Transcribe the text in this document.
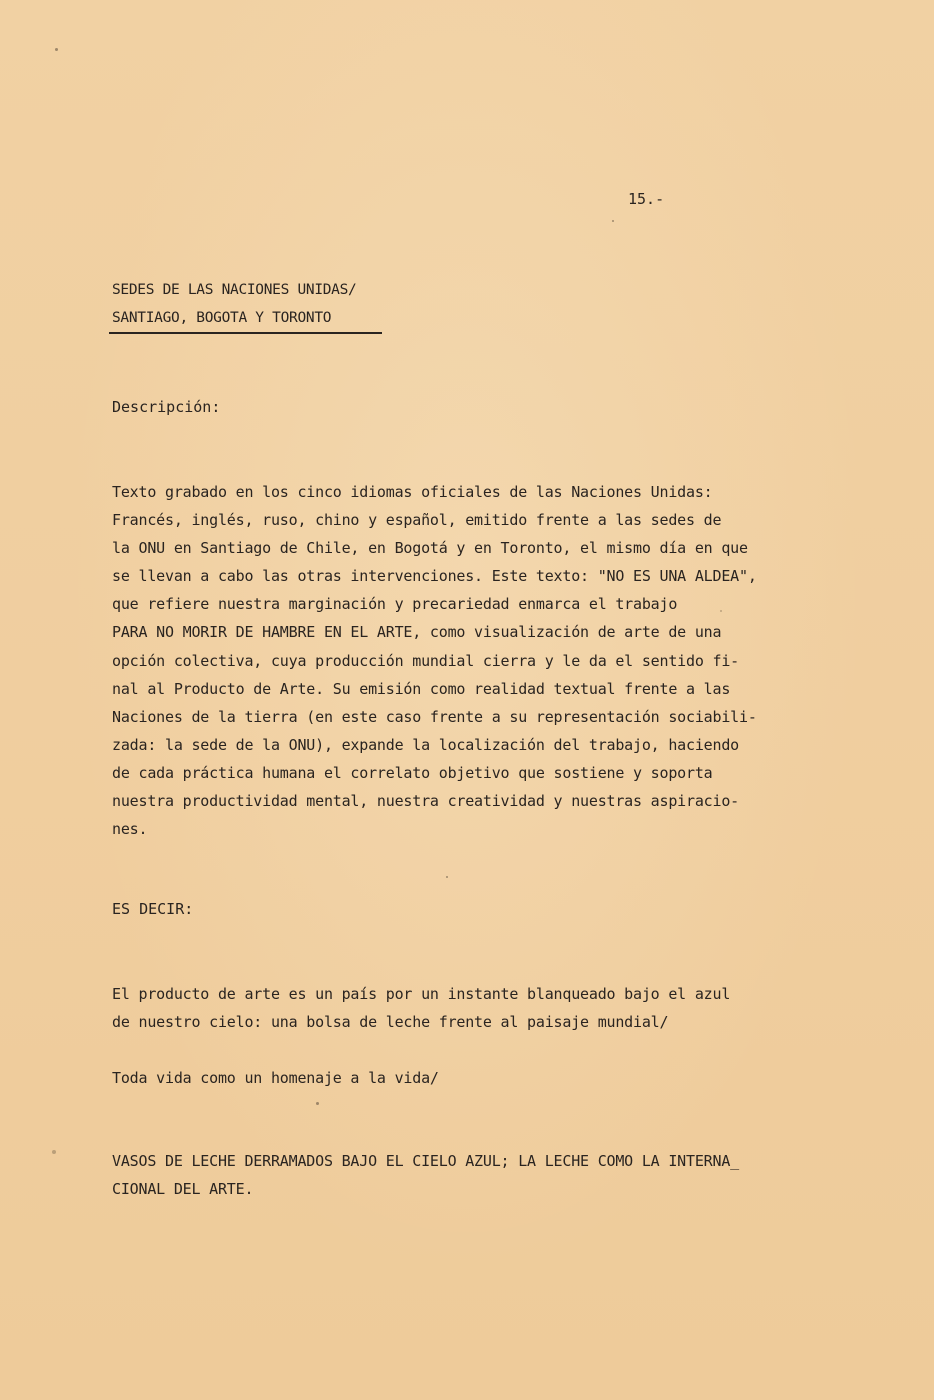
15.-
SEDES DE LAS NACIONES UNIDAS/
SANTIAGO, BOGOTA Y TORONTO
Descripción:
Texto grabado en los cinco idiomas oficiales de las Naciones Unidas:
Francés, inglés, ruso, chino y español, emitido frente a las sedes de
la ONU en Santiago de Chile, en Bogotá y en Toronto, el mismo día en que
se llevan a cabo las otras intervenciones. Este texto: "NO ES UNA ALDEA",
que refiere nuestra marginación y precariedad enmarca el trabajo
PARA NO MORIR DE HAMBRE EN EL ARTE, como visualización de arte de una
opción colectiva, cuya producción mundial cierra y le da el sentido fi-
nal al Producto de Arte. Su emisión como realidad textual frente a las
Naciones de la tierra (en este caso frente a su representación sociabili-
zada: la sede de la ONU), expande la localización del trabajo, haciendo
de cada práctica humana el correlato objetivo que sostiene y soporta
nuestra productividad mental, nuestra creatividad y nuestras aspiracio-
nes.
ES DECIR:
El producto de arte es un país por un instante blanqueado bajo el azul
de nuestro cielo: una bolsa de leche frente al paisaje mundial/
Toda vida como un homenaje a la vida/
VASOS DE LECHE DERRAMADOS BAJO EL CIELO AZUL; LA LECHE COMO LA INTERNA_
CIONAL DEL ARTE.
